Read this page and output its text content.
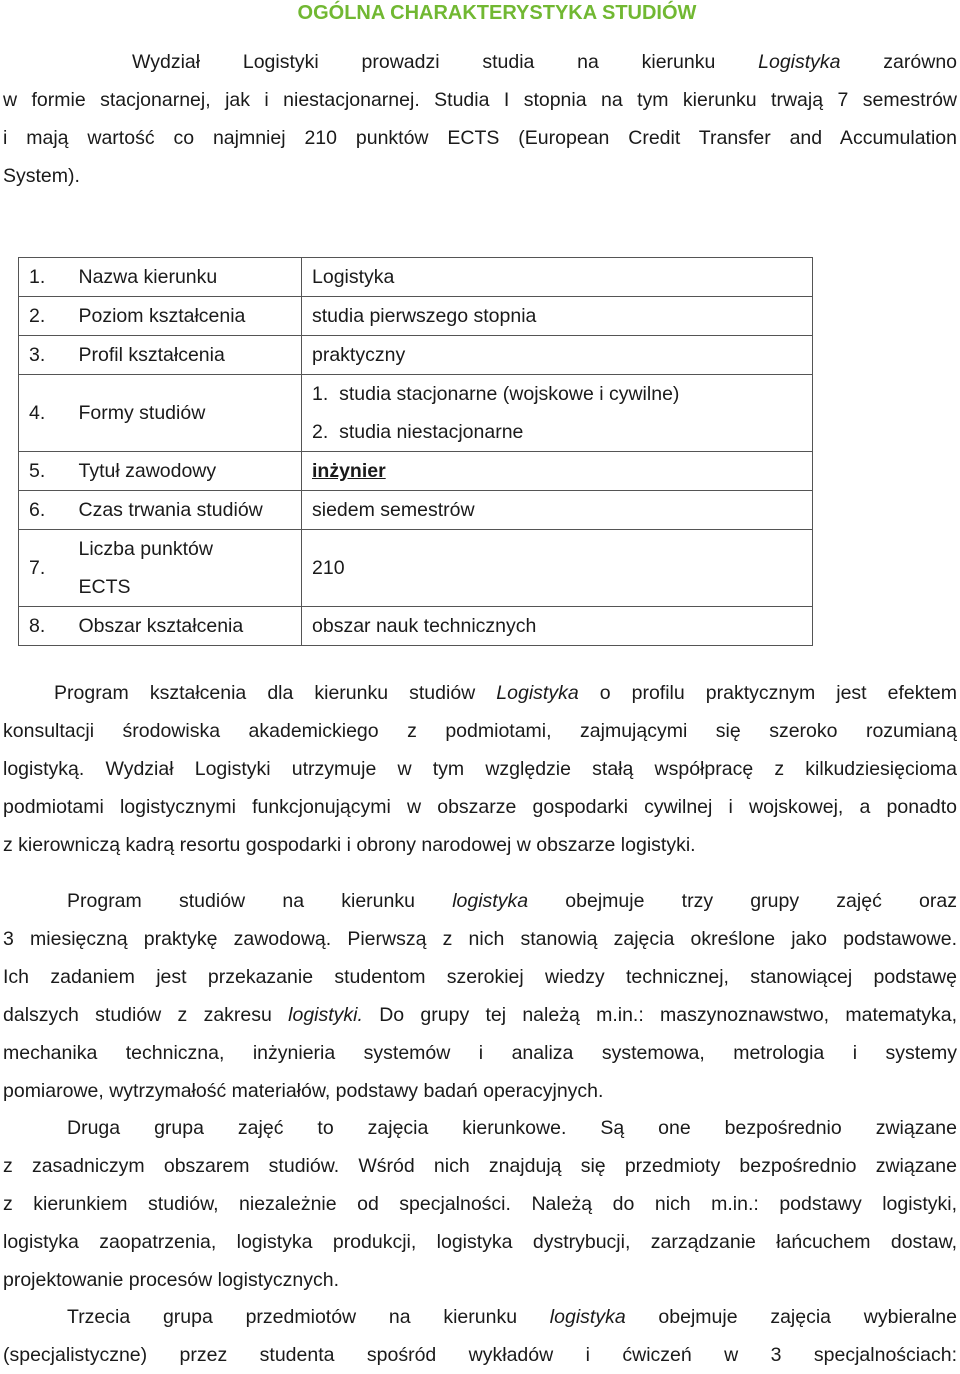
OGÓLNA CHARAKTERYSTYKA STUDIÓW
Wydział Logistyki prowadzi studia na kierunku Logistyka zarówno
w formie stacjonarnej, jak i niestacjonarnej. Studia I stopnia na tym kierunku trwają 7 semestrów
i mają wartość co najmniej 210 punktów ECTS (European Credit Transfer and Accumulation
System).
1.	Nazwa kierunku	Logistyka
2.	Poziom kształcenia	studia pierwszego stopnia
3.	Profil kształcenia	praktyczny
4.	Formy studiów	1.  studia stacjonarne (wojskowe i cywilne)
2.  studia niestacjonarne

5.	Tytuł zawodowy	inżynier
6.	Czas trwania studiów	siedem semestrów
7.	Liczba punktów
ECTS	210
8.	Obszar kształcenia	obszar nauk technicznych
Program kształcenia dla kierunku studiów Logistyka o profilu praktycznym jest efektem
konsultacji środowiska akademickiego z podmiotami, zajmującymi się szeroko rozumianą
logistyką. Wydział Logistyki utrzymuje w tym względzie stałą współpracę z kilkudziesięcioma
podmiotami logistycznymi funkcjonującymi w obszarze gospodarki cywilnej i wojskowej, a ponadto
z kierowniczą kadrą resortu gospodarki i obrony narodowej w obszarze logistyki.
Program studiów na kierunku logistyka obejmuje trzy grupy zajęć oraz
3 miesięczną praktykę zawodową. Pierwszą z nich stanowią zajęcia określone jako podstawowe.
Ich zadaniem jest przekazanie studentom szerokiej wiedzy technicznej, stanowiącej podstawę
dalszych studiów z zakresu logistyki. Do grupy tej należą m.in.: maszynoznawstwo, matematyka,
mechanika techniczna, inżynieria systemów i analiza systemowa, metrologia i systemy
pomiarowe, wytrzymałość materiałów, podstawy badań operacyjnych.
Druga grupa zajęć to zajęcia kierunkowe. Są one bezpośrednio związane
z zasadniczym obszarem studiów. Wśród nich znajdują się przedmioty bezpośrednio związane
z kierunkiem studiów, niezależnie od specjalności. Należą do nich m.in.: podstawy logistyki,
logistyka zaopatrzenia, logistyka produkcji, logistyka dystrybucji, zarządzanie łańcuchem dostaw,
projektowanie procesów logistycznych.
Trzecia grupa przedmiotów na kierunku logistyka obejmuje zajęcia wybieralne
(specjalistyczne) przez studenta spośród wykładów i ćwiczeń w 3 specjalnościach:
